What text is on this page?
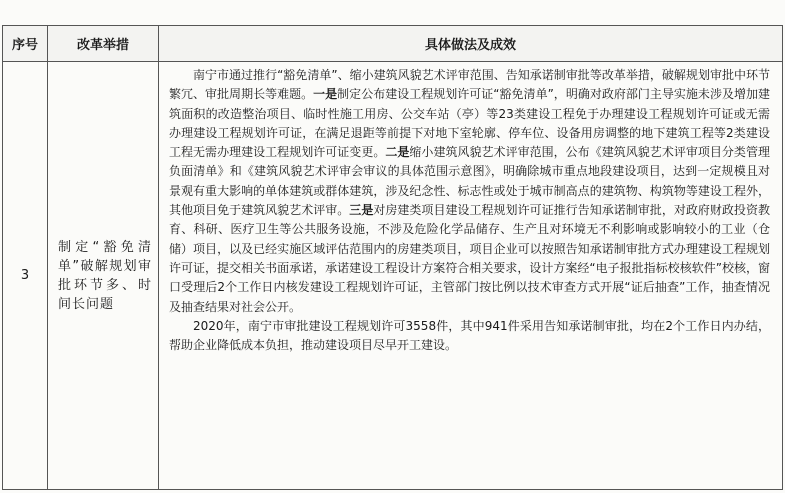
序号	改革举措	具体做法及成效
3	制定“豁免清单”破解规划审批环节多、时间长问题	南宁市通过推行“豁免清单”、缩小建筑风貌艺术评审范围、告知承诺制审批等改革举措，破解规划审批中环节繁冗、审批周期长等难题。一是制定公布建设工程规划许可证“豁免清单”，明确对政府部门主导实施未涉及增加建筑面积的改造整治项目、临时性施工用房、公交车站（亭）等23类建设工程免于办理建设工程规划许可证或无需办理建设工程规划许可证，在满足退距等前提下对地下室轮廓、停车位、设备用房调整的地下建筑工程等2类建设工程无需办理建设工程规划许可证变更。二是缩小建筑风貌艺术评审范围，公布《建筑风貌艺术评审项目分类管理负面清单》和《建筑风貌艺术评审会审议的具体范围示意图》，明确除城市重点地段建设项目，达到一定规模且对景观有重大影响的单体建筑或群体建筑，涉及纪念性、标志性或处于城市制高点的建筑物、构筑物等建设工程外，其他项目免于建筑风貌艺术评审。三是对房建类项目建设工程规划许可证推行告知承诺制审批，对政府财政投资教育、科研、医疗卫生等公共服务设施，不涉及危险化学品储存、生产且对环境无不利影响或影响较小的工业（仓储）项目，以及已经实施区域评估范围内的房建类项目，项目企业可以按照告知承诺制审批方式办理建设工程规划许可证，提交相关书面承诺，承诺建设工程设计方案符合相关要求，设计方案经“电子报批指标校核软件”校核，窗口受理后2个工作日内核发建设工程规划许可证，主管部门按比例以技术审查方式开展“证后抽查”工作，抽查情况及抽查结果对社会公开。

2020年，南宁市审批建设工程规划许可3558件，其中941件采用告知承诺制审批，均在2个工作日内办结，帮助企业降低成本负担，推动建设项目尽早开工建设。
